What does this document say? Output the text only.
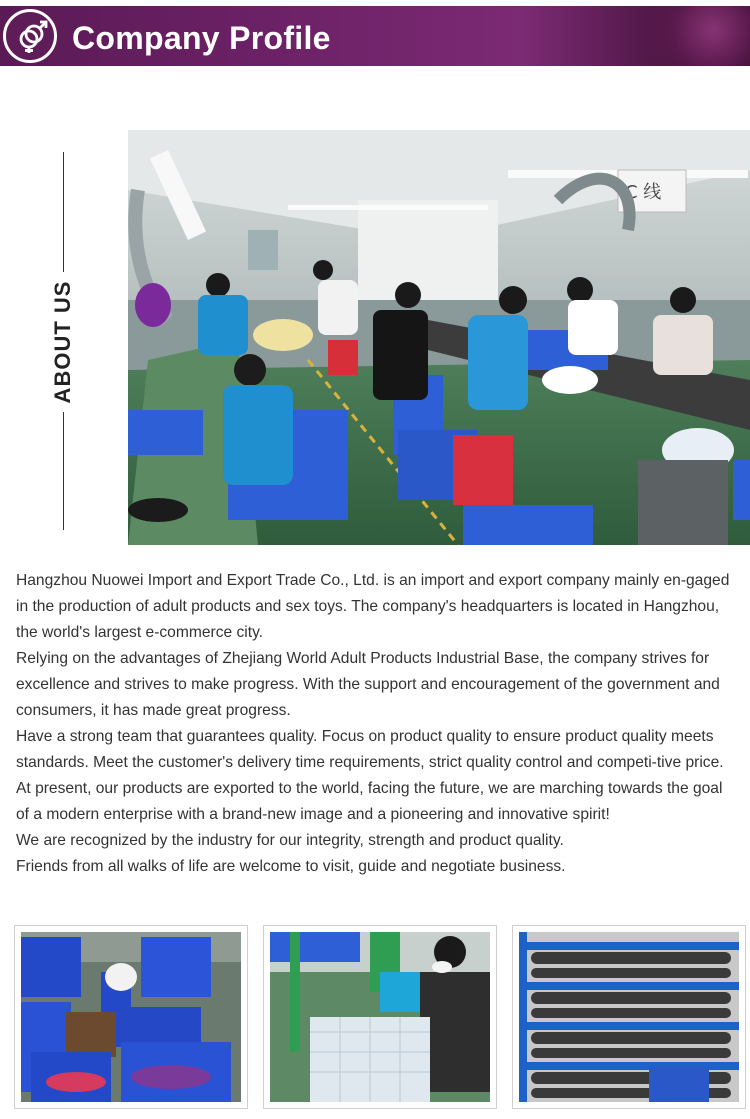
Company Profile
ABOUT US
C 线

Hangzhou Nuowei Import and Export Trade Co., Ltd. is an import and export company mainly en-gaged in the production of adult products and sex toys. The company's headquarters is located in Hangzhou, the world's largest e-commerce city.

Relying on the advantages of Zhejiang World Adult Products Industrial Base, the company strives for excellence and strives to make progress. With the support and encouragement of the government and consumers, it has made great progress.

Have a strong team that guarantees quality. Focus on product quality to ensure product quality meets standards. Meet the customer's delivery time requirements, strict quality control and competi-tive price.

At present, our products are exported to the world, facing the future, we are marching towards the goal of a modern enterprise with a brand-new image and a pioneering and innovative spirit!

We are recognized by the industry for our integrity, strength and product quality.

Friends from all walks of life are welcome to visit, guide and negotiate business.
